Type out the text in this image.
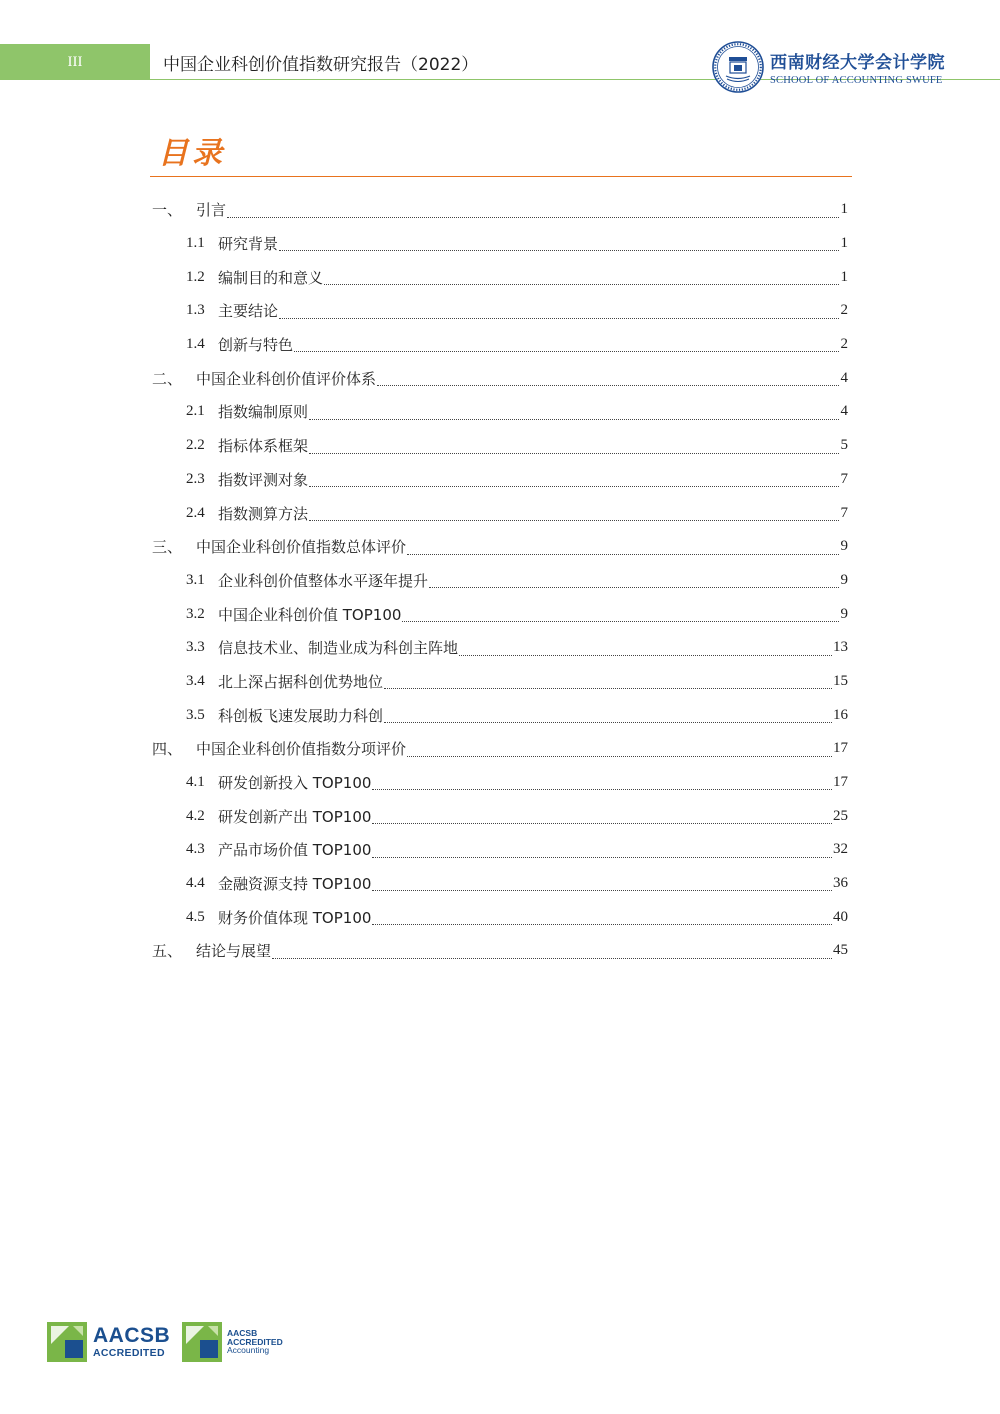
III	中国企业科创价值指数研究报告（2022）	西南财经大学会计学院
SCHOOL OF ACCOUNTING SWUFE
目录
一、 引言	1
1.1 研究背景	1
1.2 编制目的和意义	1
1.3 主要结论	2
1.4 创新与特色	2
二、 中国企业科创价值评价体系	4
2.1 指数编制原则	4
2.2 指标体系框架	5
2.3 指数评测对象	7
2.4 指数测算方法	7
三、 中国企业科创价值指数总体评价	9
3.1 企业科创价值整体水平逐年提升	9
3.2 中国企业科创价值 TOP100	9
3.3 信息技术业、制造业成为科创主阵地	13
3.4 北上深占据科创优势地位	15
3.5 科创板飞速发展助力科创	16
四、 中国企业科创价值指数分项评价	17
4.1 研发创新投入 TOP100	17
4.2 研发创新产出 TOP100	25
4.3 产品市场价值 TOP100	32
4.4 金融资源支持 TOP100	36
4.5 财务价值体现 TOP100	40
五、 结论与展望	45
AACSB
ACCREDITED
AACSB
ACCREDITED
Accounting
